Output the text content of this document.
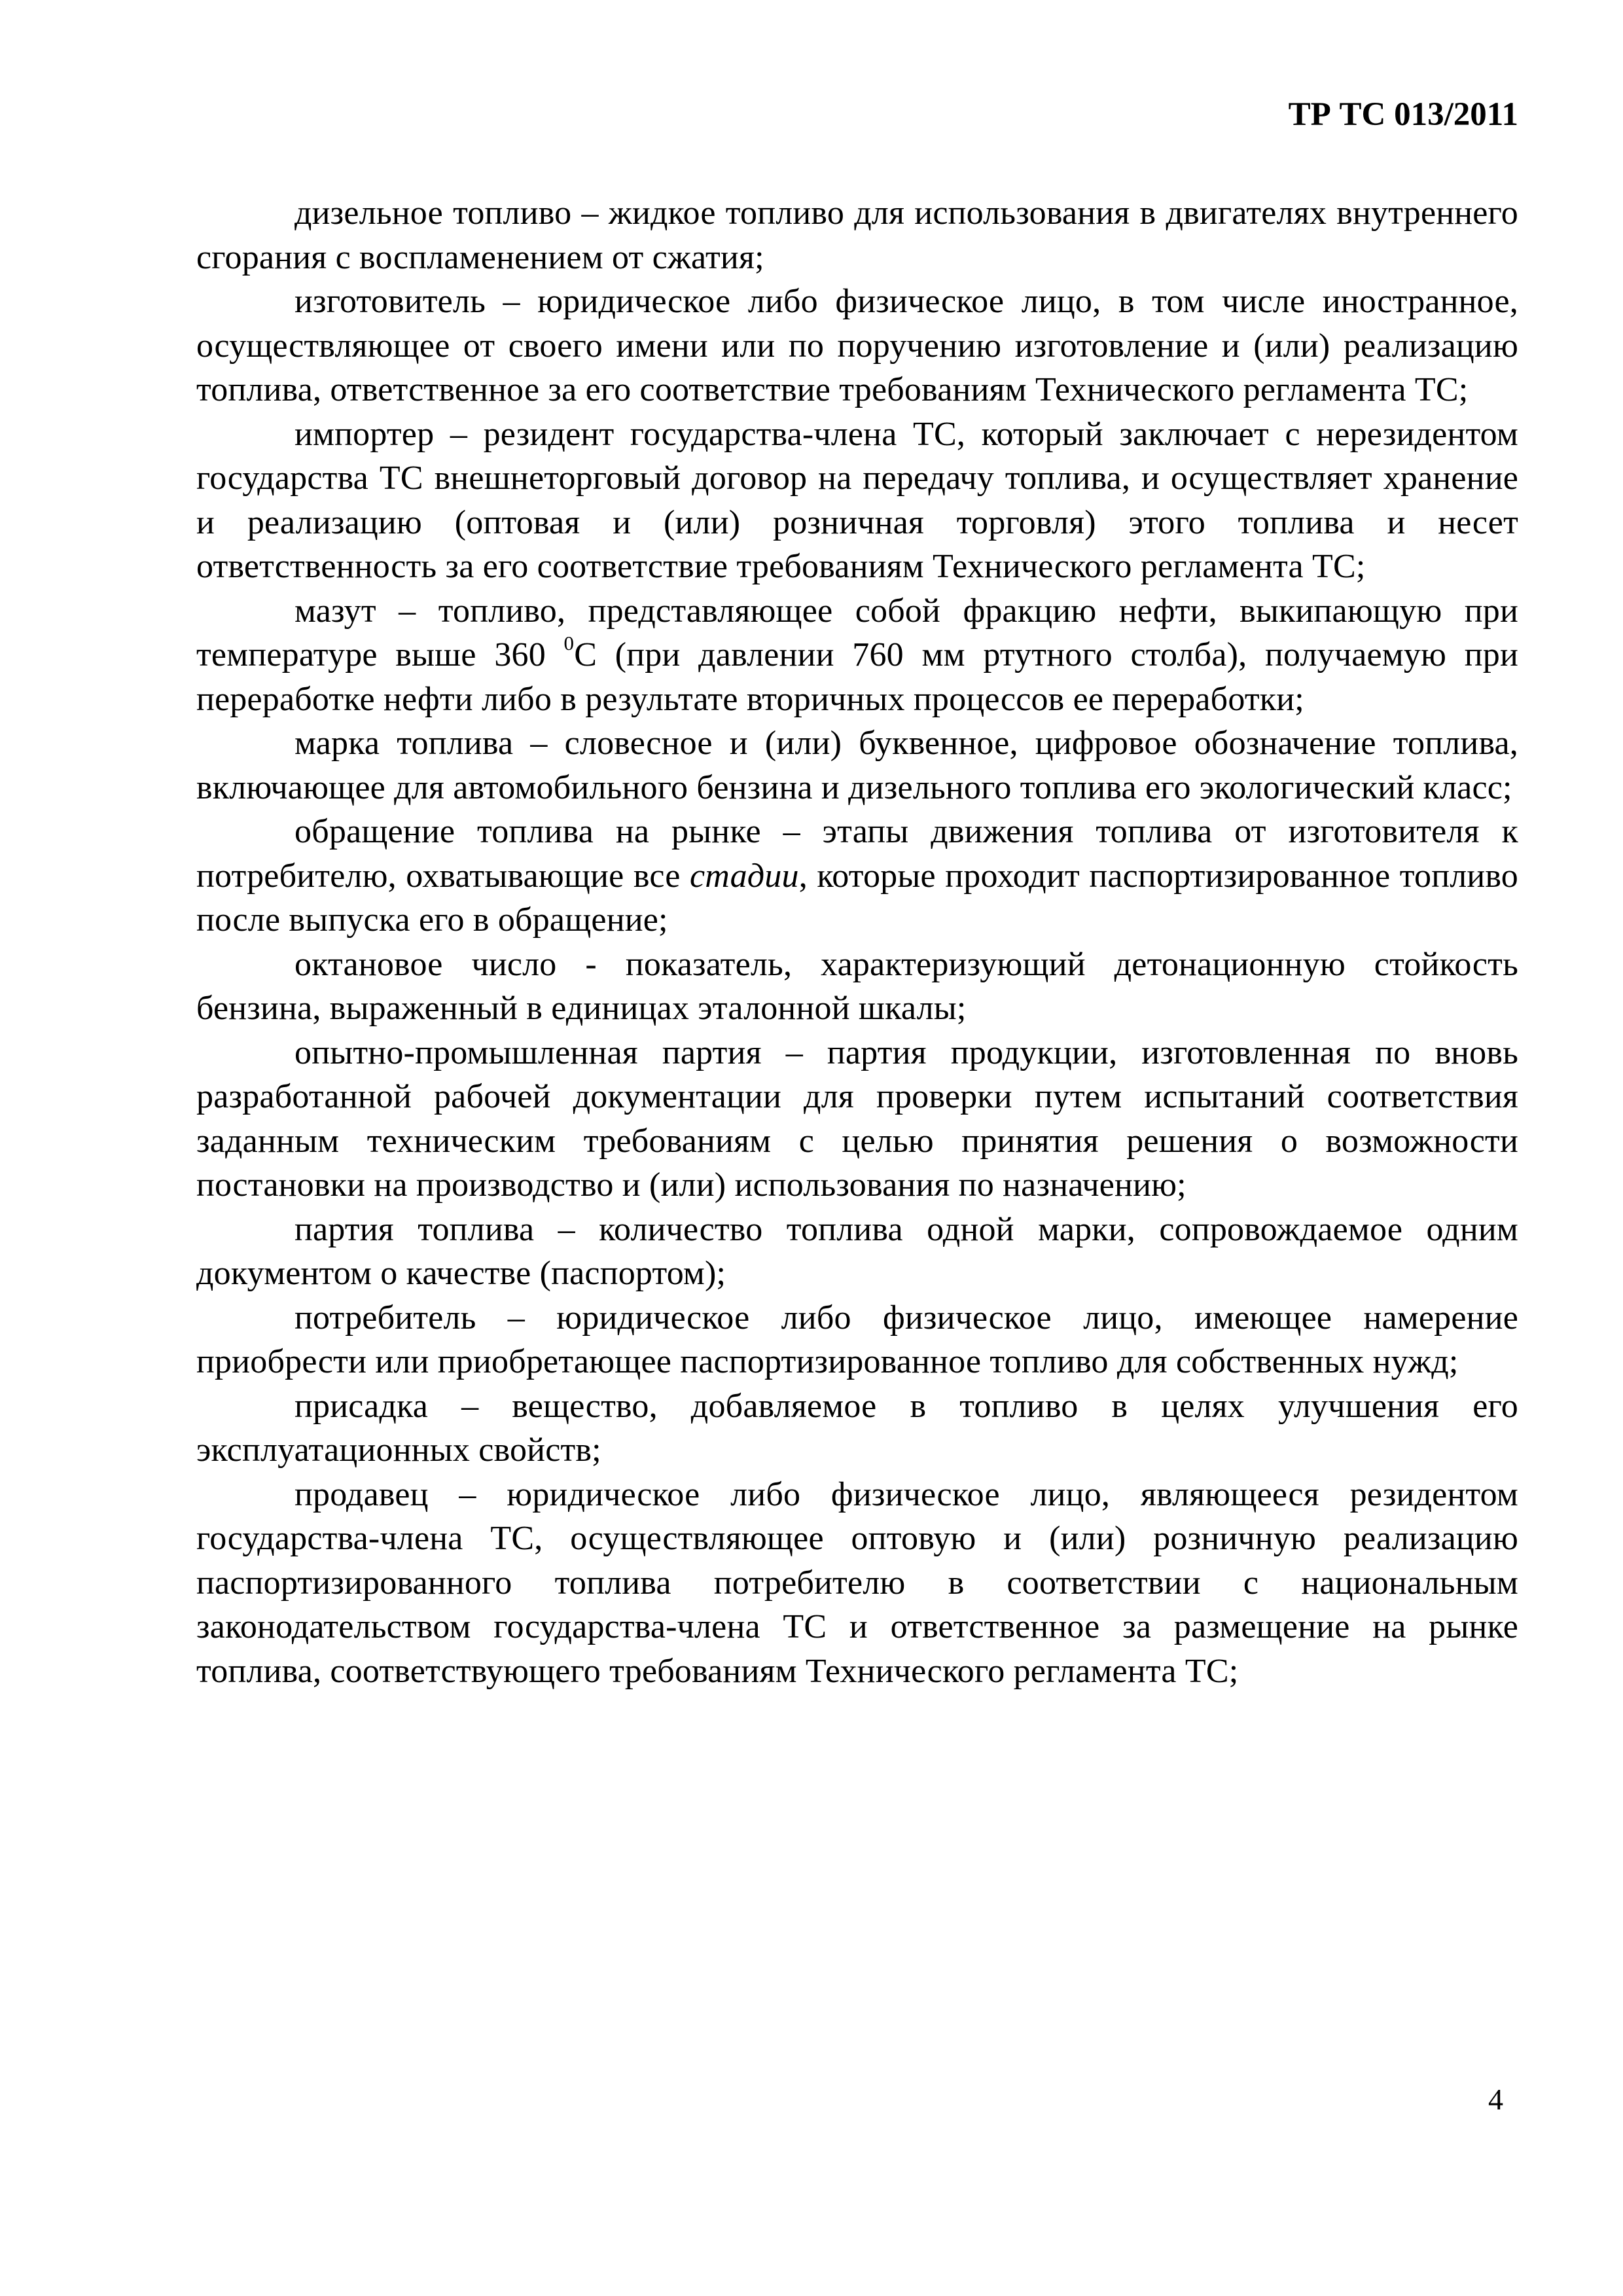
ТР ТС 013/2011

дизельное топливо – жидкое топливо для использования в двигателях внутреннего сгорания с воспламенением от сжатия;

изготовитель – юридическое либо физическое лицо, в том числе иностранное, осуществляющее от своего имени или по поручению изготовление и (или) реализацию топлива, ответственное за его соответствие требованиям Технического регламента ТС;

импортер – резидент государства-члена ТС, который заключает с нерезидентом государства ТС внешнеторговый договор на передачу топлива, и осуществляет хранение и реализацию (оптовая и (или) розничная торговля) этого топлива и несет ответственность за его соответствие требованиям Технического регламента ТС;

мазут – топливо, представляющее собой фракцию нефти, выкипающую при температуре выше 360 $^0$С (при давлении 760 мм ртутного столба), получаемую при переработке нефти либо в результате вторичных процессов ее переработки;

марка топлива – словесное и (или) буквенное, цифровое обозначение топлива, включающее для автомобильного бензина и дизельного топлива его экологический класс;

обращение топлива на рынке – этапы движения топлива от изготовителя к потребителю, охватывающие все стадии, которые проходит паспортизированное топливо после выпуска его в обращение;

октановое число - показатель, характеризующий детонационную стойкость бензина, выраженный в единицах эталонной шкалы;

опытно-промышленная партия – партия продукции, изготовленная по вновь разработанной рабочей документации для проверки путем испытаний соответствия заданным техническим требованиям с целью принятия решения о возможности постановки на производство и (или) использования по назначению;

партия топлива – количество топлива одной марки, сопровождаемое одним документом о качестве (паспортом);

потребитель – юридическое либо физическое лицо, имеющее намерение приобрести или приобретающее паспортизированное топливо для собственных нужд;

присадка – вещество, добавляемое в топливо в целях улучшения его эксплуатационных свойств;

продавец – юридическое либо физическое лицо, являющееся резидентом государства-члена ТС, осуществляющее оптовую и (или) розничную реализацию паспортизированного топлива потребителю в соответствии с национальным законодательством государства-члена ТС и ответственное за размещение на рынке топлива, соответствующего требованиям Технического регламента ТС;

4
